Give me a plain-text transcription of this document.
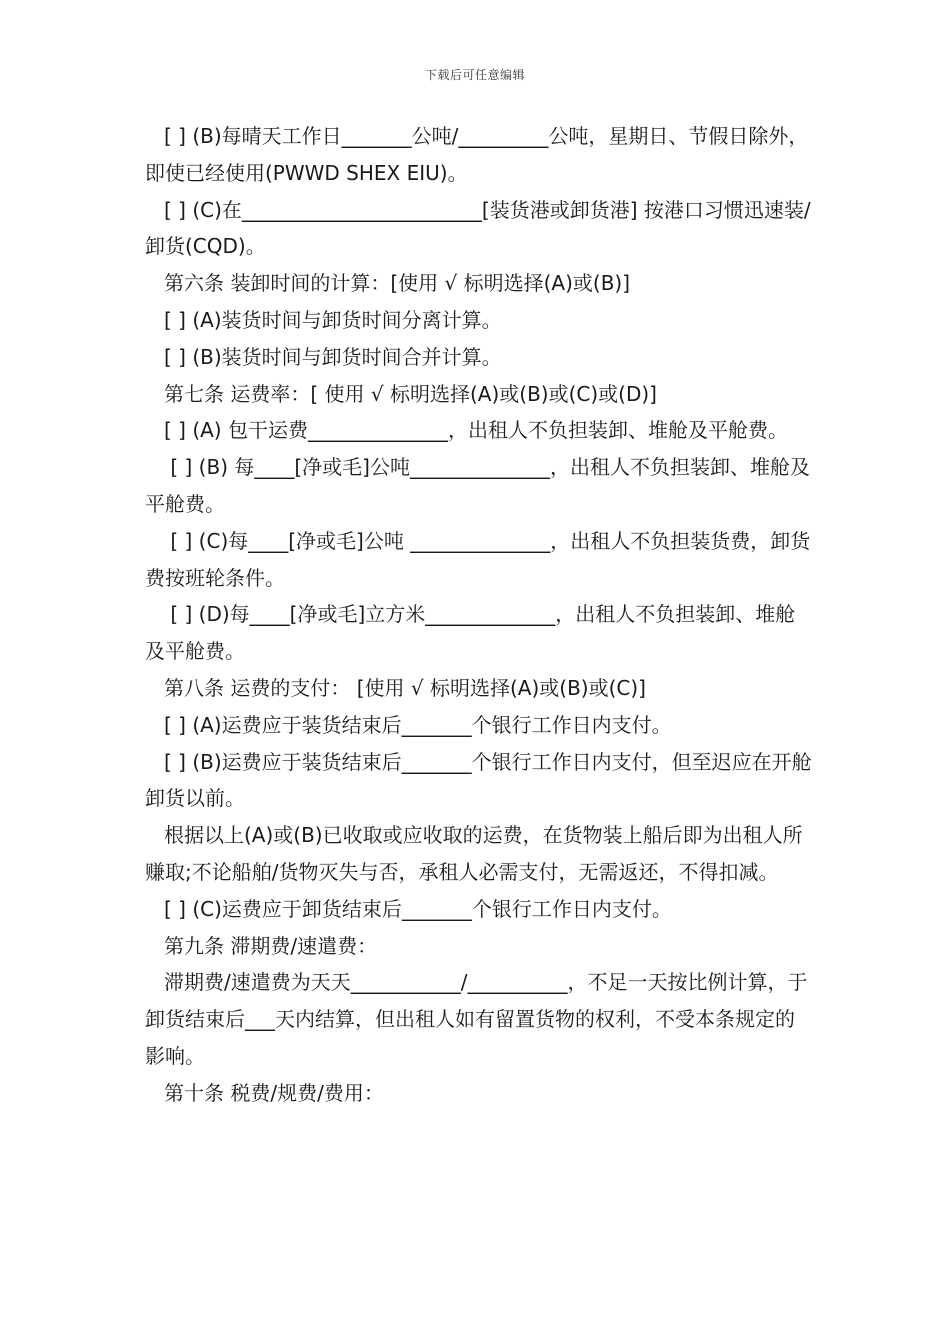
下载后可任意编辑

[ ] (B)每晴天工作日_______公吨/_________公吨，星期日、节假日除外，即使已经使用(PWWD SHEX EIU)。

[ ] (C)在________________________[装货港或卸货港] 按港口习惯迅速装/卸货(CQD)。

第六条 装卸时间的计算：[使用 √ 标明选择(A)或(B)]

[ ] (A)装货时间与卸货时间分离计算。

[ ] (B)装货时间与卸货时间合并计算。

第七条 运费率：[ 使用 √ 标明选择(A)或(B)或(C)或(D)]

[ ] (A) 包干运费______________，出租人不负担装卸、堆舱及平舱费。

[ ] (B) 每____[净或毛]公吨______________，出租人不负担装卸、堆舱及平舱费。

[ ] (C)每____[净或毛]公吨 ______________，出租人不负担装货费，卸货费按班轮条件。

[ ] (D)每____[净或毛]立方米_____________，出租人不负担装卸、堆舱及平舱费。

第八条 运费的支付： [使用 √ 标明选择(A)或(B)或(C)]

[ ] (A)运费应于装货结束后_______个银行工作日内支付。

[ ] (B)运费应于装货结束后_______个银行工作日内支付，但至迟应在开舱卸货以前。

根据以上(A)或(B)已收取或应收取的运费，在货物装上船后即为出租人所赚取;不论船舶/货物灭失与否，承租人必需支付，无需返还，不得扣减。

[ ] (C)运费应于卸货结束后_______个银行工作日内支付。

第九条 滞期费/速遣费：

滞期费/速遣费为天天___________/__________，不足一天按比例计算，于卸货结束后___天内结算，但出租人如有留置货物的权利，不受本条规定的影响。

第十条 税费/规费/费用：
